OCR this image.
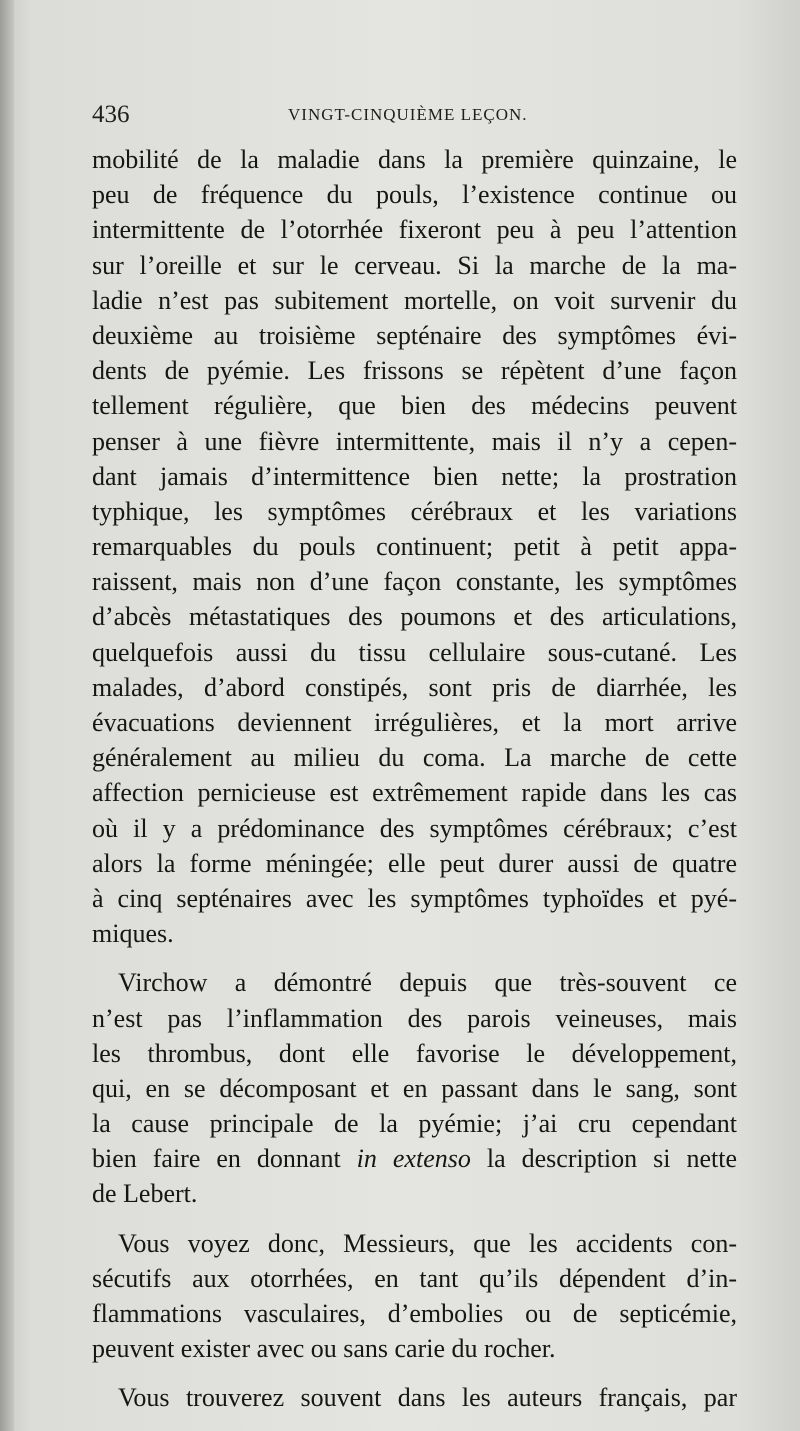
436	VINGT-CINQUIÈME LEÇON.
mobilité de la maladie dans la première quinzaine, le
peu de fréquence du pouls, l’existence continue ou
intermittente de l’otorrhée fixeront peu à peu l’attention
sur l’oreille et sur le cerveau. Si la marche de la ma-
ladie n’est pas subitement mortelle, on voit survenir du
deuxième au troisième septénaire des symptômes évi-
dents de pyémie. Les frissons se répètent d’une façon
tellement régulière, que bien des médecins peuvent
penser à une fièvre intermittente, mais il n’y a cepen-
dant jamais d’intermittence bien nette; la prostration
typhique, les symptômes cérébraux et les variations
remarquables du pouls continuent; petit à petit appa-
raissent, mais non d’une façon constante, les symptômes
d’abcès métastatiques des poumons et des articulations,
quelquefois aussi du tissu cellulaire sous-cutané. Les
malades, d’abord constipés, sont pris de diarrhée, les
évacuations deviennent irrégulières, et la mort arrive
généralement au milieu du coma. La marche de cette
affection pernicieuse est extrêmement rapide dans les cas
où il y a prédominance des symptômes cérébraux; c’est
alors la forme méningée; elle peut durer aussi de quatre
à cinq septénaires avec les symptômes typhoïdes et pyé-
miques.
Virchow a démontré depuis que très-souvent ce
n’est pas l’inflammation des parois veineuses, mais
les thrombus, dont elle favorise le développement,
qui, en se décomposant et en passant dans le sang, sont
la cause principale de la pyémie; j’ai cru cependant
bien faire en donnant in extenso la description si nette
de Lebert.
Vous voyez donc, Messieurs, que les accidents con-
sécutifs aux otorrhées, en tant qu’ils dépendent d’in-
flammations vasculaires, d’embolies ou de septicémie,
peuvent exister avec ou sans carie du rocher.
Vous trouverez souvent dans les auteurs français, par
